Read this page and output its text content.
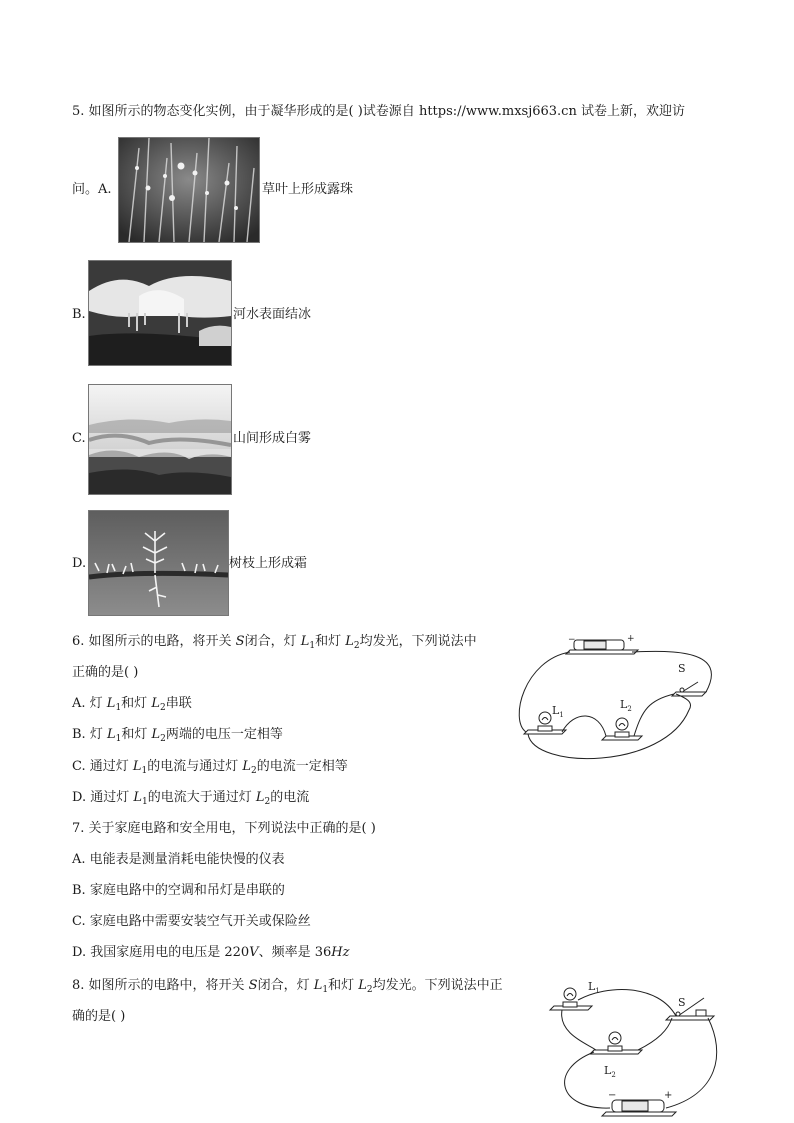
5. 如图所示的物态变化实例，由于凝华形成的是( )试卷源自 https://www.mxsj663.cn 试卷上新，欢迎访
问。A.	草叶上形成露珠
B.	河水表面结冰
C.	山间形成白雾
D.	树枝上形成霜
6. 如图所示的电路，将开关 S闭合，灯 $L_1$和灯 $L_2$均发光，下列说法中
正确的是( )
A. 灯 $L_1$和灯 $L_2$串联
B. 灯 $L_1$和灯 $L_2$两端的电压一定相等
C. 通过灯 $L_1$的电流与通过灯 $L_2$的电流一定相等
D. 通过灯 $L_1$的电流大于通过灯 $L_2$的电流
−	+
S
$L_1$
$L_2$
7. 关于家庭电路和安全用电，下列说法中正确的是( )
A. 电能表是测量消耗电能快慢的仪表
B. 家庭电路中的空调和吊灯是串联的
C. 家庭电路中需要安装空气开关或保险丝
D. 我国家庭用电的电压是 220V、频率是 36Hz
8. 如图所示的电路中，将开关 S闭合，灯 $L_1$和灯 $L_2$均发光。下列说法中正
确的是( )
$L_1$
S
$L_2$
−	+
